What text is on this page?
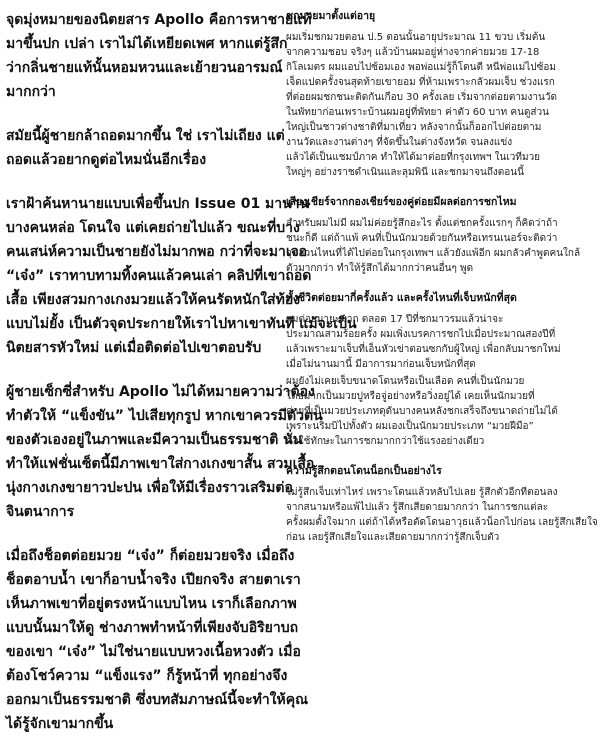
จุดมุ่งหมายของนิตยสาร Apollo คือการหาชายแท้

มาขึ้นปก เปล่า เราไม่ได้เหยียดเพศ หากแต่รู้สึก

ว่ากลิ่นชายแท้นั้นหอมหวนและเย้ายวนอารมณ์

มากกว่า

สมัยนี้ผู้ชายกล้าถอดมากขึ้น ใช่ เราไม่เถียง แต่

ถอดแล้วอยากดูต่อไหมนั่นอีกเรื่อง

เราฝ้าค้นหานายแบบเพื่อขึ้นปก Issue 01 มานาน

บางคนหล่อ โดนใจ แต่เคยถ่ายไปแล้ว ขณะที่บาง

คนเสน่ห์ความเป็นชายยังไม่มากพอ กว่าที่จะมาเจอ

“เจ๋ง” เราทาบทามทิ้งคนแล้วคนเล่า คลิปที่เขาถอด

เสื้อ เพียงสวมกางเกงมวยแล้วให้คนรัดหนักใส่ท้อง

แบบไม่ยั้ง เป็นตัวจุดประกายให้เราไปหาเขาทันที แม้จะเป็น

นิตยสารหัวใหม่ แต่เมื่อติดต่อไปเขาตอบรับ

ผู้ชายเซ็กซี่สำหรับ Apollo ไม่ได้หมายความว่าต้อง

ทำตัวให้ “แข็งขัน” ไปเสียทุกรูป หากเขาควรมีตัวตน

ของตัวเองอยู่ในภาพและมีความเป็นธรรมชาติ นั่น

ทำให้แฟชั่นเซ็ตนี้มีภาพเขาใส่กางเกงขาสั้น สวมเสื้อ

นุ่งกางเกงขายาวปะปน เพื่อให้มีเรื่องราวเสริมต่อ

จินตนาการ

เมื่อถึงช็อตต่อยมวย “เจ๋ง” ก็ต่อยมวยจริง เมื่อถึง

ช็อตอาบน้ำ เขาก็อาบน้ำจริง เปียกจริง สายตาเรา

เห็นภาพเขาที่อยู่ตรงหน้าแบบไหน เราก็เลือกภาพ

แบบนั้นมาให้ดู ช่างภาพทำหน้าที่เพียงจับอิริยาบถ

ของเขา “เจ๋ง” ไม่ใช่นายแบบหวงเนื้อหวงตัว เมื่อ

ต้องโชว์ความ “แข็งแรง” ก็รู้หน้าที่ ทุกอย่างจึง

ออกมาเป็นธรรมชาติ ซึ่งบทสัมภาษณ์นี้จะทำให้คุณ

ได้รู้จักเขามากขึ้น

ชกมวยมาตั้งแต่อายุ

ผมเริ่มชกมวยตอน ป.5 ตอนนั้นอายุประมาณ 11 ขวบ เริ่มต้น

จากความชอบ จริงๆ แล้วบ้านผมอยู่ห่างจากค่ายมวย 17-18

กิโลเมตร ผมแอบไปซ้อมเอง พอพ่อแม่รู้ก็โดนตี หนีพ่อแม่ไปซ้อม

เจ็ดแปดครั้งจนสุดท้ายเขายอม ที่ห้ามเพราะกลัวผมเจ็บ ช่วงแรก

ที่ต่อยผมชกชนะติดกันเกือบ 30 ครั้งเลย เริ่มจากต่อยตามงานวัด

ในพัทยาก่อนเพราะบ้านผมอยู่ที่พัทยา ค่าตัว 60 บาท คนดูส่วน

ใหญ่เป็นชาวต่างชาติที่มาเที่ยว หลังจากนั้นก็ออกไปต่อยตาม

งานวัดและงานต่างๆ ที่จัดขึ้นในต่างจังหวัด จนลงแข่ง

แล้วได้เป็นแชมป์ภาค ทำให้ได้มาต่อยที่กรุงเทพฯ ในเวทีมวย

ใหญ่ๆ อย่างราชดำเนินและลุมพินี และชกมาจนถึงตอนนี้

เสียงเชียร์จากกองเชียร์ของคู่ต่อยมีผลต่อการชกไหม

สำหรับผมไม่มี ผมไม่ค่อยรู้สึกอะไร ตั้งแต่ชกครั้งแรกๆ ก็คิดว่าถ้า

ชนะก็ดี แต่ถ้าแพ้ คนที่เป็นนักมวยด้วยกันหรือเทรนเนอร์จะติดว่า

จุดส่วนไหนที่ได้ไปต่อยในกรุงเทพฯ แล้วยังแพ้อีก ผมกลัวคำพูดคนใกล้

ตัวมากกว่า ทำให้รู้สึกได้มากกว่าคนอื่นๆ พูด

ทั้งชีวิตต่อยมากี่ครั้งแล้ว และครั้งไหนที่เจ็บหนักที่สุด

ผมต่อยมายะมาก ตลอด 17 ปีที่ชกมาวรมแล้วน่าจะ

ประมาณสามร้อยครั้ง ผมเพิ่งเบรคการชกไปเมื่อประมาณสองปีที่

แล้วเพราะมาเจ็บที่เอ็นหัวเข่าตอนซกกับผู้ใหญ่ เพื่อกลับมาชกใหม่

เมื่อไม่นานมานี้ มีอาการมาก่อนเจ็บหนักที่สุด

ผมยังไม่เคยเจ็บขนาดโดนหรือเป็นเลือด คนที่เป็นนักมวย

โดยมากเป็นมวยปูหรือจู่อย่างหรือวิ่งอยู่ได้ เคยเห็นนักมวยที่

ค่ายที่เป็นมวยประเภทดุดันบางคนหลังชกเสร็จถึงขนาดถ่ายไม่ได้

เพราะนริมบิไปทั้งตัว ผมเองเป็นนักมวยประเภท “มวยฝีมือ”

คือใช้ทักษะในการชกมากกว่าใช้แรงอย่างเดียว

ความรู้สึกตอนโดนน็อกเป็นอย่างไร

ไม่รู้สึกเจ็บเท่าไหร่ เพราะโดนแล้วหลับไปเลย รู้สึกตัวอีกทีตอนลง

จากสนามหรือแพ้ไปแล้ว รู้สึกเสียดายมากกว่า ในการชกแต่ละ

ครั้งผมตั้งใจมาก แต่ถ้าได้หรือตัดโดนอาวุธแล้วน็อกไปก่อน เลยรู้สึกเสียใจ

ก่อน เลยรู้สึกเสียใจและเสียดายมากกว่ารู้สึกเจ็บตัว
